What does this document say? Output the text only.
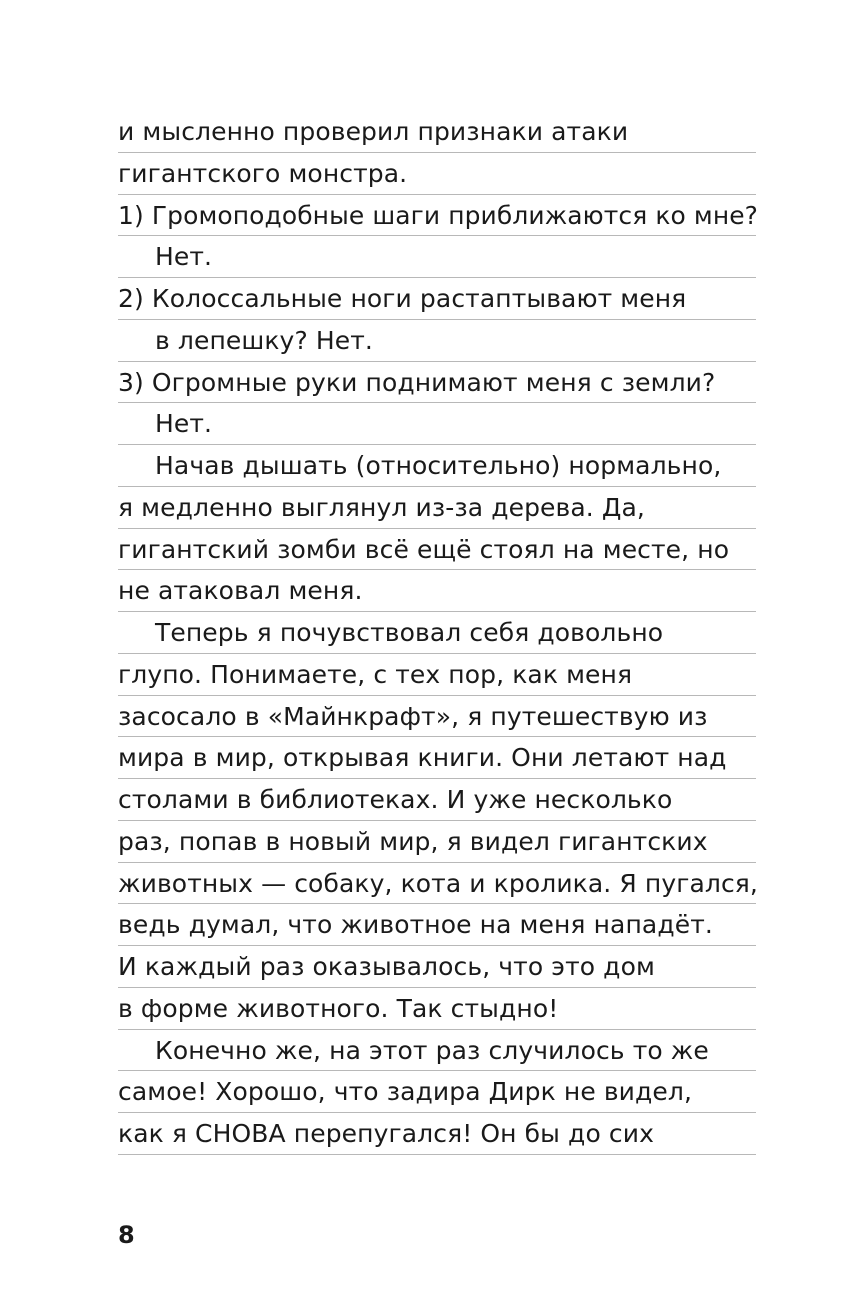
и мысленно проверил признаки атаки
гигантского монстра.
1) Громоподобные шаги приближаются ко мне?
Нет.
2) Колоссальные ноги растаптывают меня
в лепешку? Нет.
3) Огромные руки поднимают меня с земли?
Нет.
Начав дышать (относительно) нормально,
я медленно выглянул из-за дерева. Да,
гигантский зомби всё ещё стоял на месте, но
не атаковал меня.
Теперь я почувствовал себя довольно
глупо. Понимаете, с тех пор, как меня
засосало в «Майнкрафт», я путешествую из
мира в мир, открывая книги. Они летают над
столами в библиотеках. И уже несколько
раз, попав в новый мир, я видел гигантских
животных — собаку, кота и кролика. Я пугался,
ведь думал, что животное на меня нападёт.
И каждый раз оказывалось, что это дом
в форме животного. Так стыдно!
Конечно же, на этот раз случилось то же
самое! Хорошо, что задира Дирк не видел,
как я СНОВА перепугался! Он бы до сих
8
